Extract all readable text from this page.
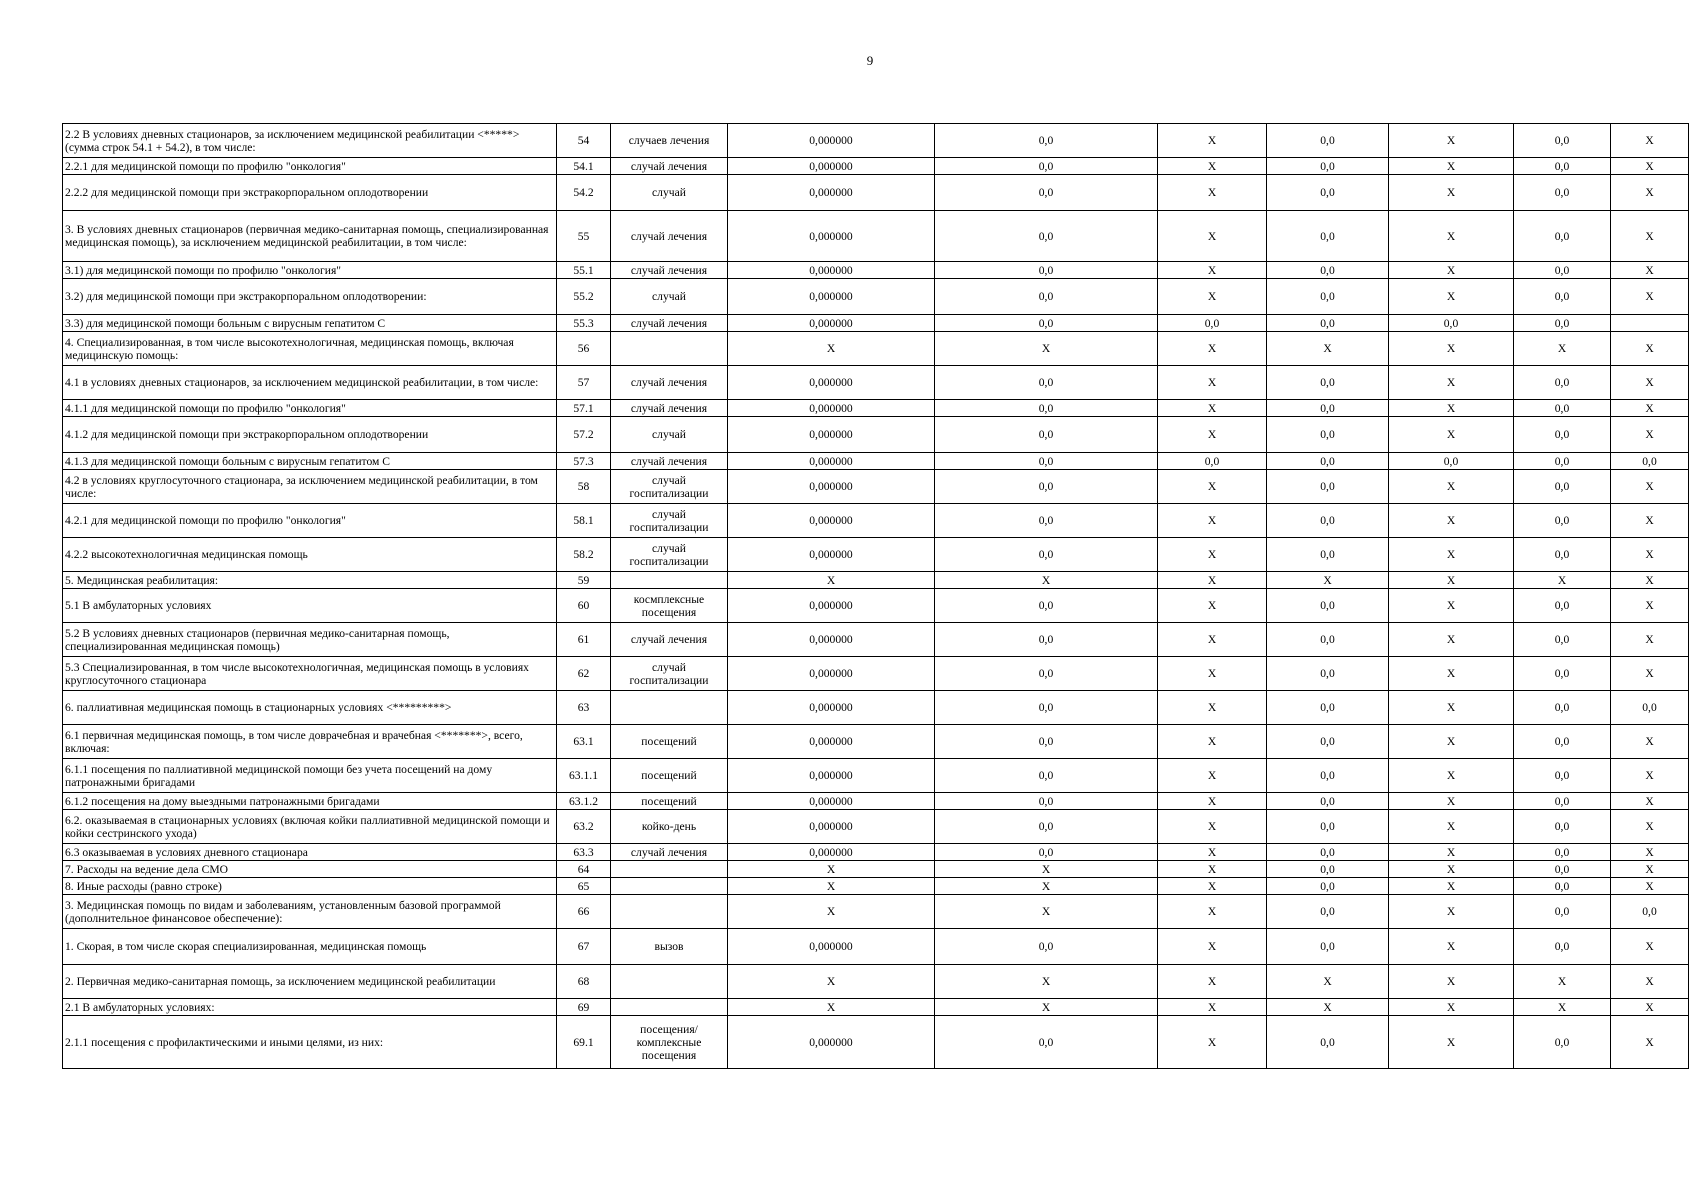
9
2.2 В условиях дневных стационаров, за исключением медицинской реабилитации <*****> (сумма строк 54.1 + 54.2), в том числе:	54	случаев лечения	0,000000	0,0	X	0,0	X	0,0	X
2.2.1 для медицинской помощи по профилю "онкология"	54.1	случай лечения	0,000000	0,0	X	0,0	X	0,0	X
2.2.2 для медицинской помощи при экстракорпоральном оплодотворении	54.2	случай	0,000000	0,0	X	0,0	X	0,0	X
3. В условиях дневных стационаров (первичная медико-санитарная помощь, специализированная медицинская помощь), за исключением медицинской реабилитации, в том числе:	55	случай лечения	0,000000	0,0	X	0,0	X	0,0	X
3.1) для медицинской помощи по профилю "онкология"	55.1	случай лечения	0,000000	0,0	X	0,0	X	0,0	X
3.2) для медицинской помощи при экстракорпоральном оплодотворении:	55.2	случай	0,000000	0,0	X	0,0	X	0,0	X
3.3) для медицинской помощи больным с вирусным гепатитом С	55.3	случай лечения	0,000000	0,0	0,0	0,0	0,0	0,0	
4. Специализированная, в том числе высокотехнологичная, медицинская помощь, включая медицинскую помощь:	56		X	X	X	X	X	X	X
4.1 в условиях дневных стационаров, за исключением медицинской реабилитации, в том числе:	57	случай лечения	0,000000	0,0	X	0,0	X	0,0	X
4.1.1 для медицинской помощи по профилю "онкология"	57.1	случай лечения	0,000000	0,0	X	0,0	X	0,0	X
4.1.2 для медицинской помощи при экстракорпоральном оплодотворении	57.2	случай	0,000000	0,0	X	0,0	X	0,0	X
4.1.3 для медицинской помощи больным с вирусным гепатитом С	57.3	случай лечения	0,000000	0,0	0,0	0,0	0,0	0,0	0,0
4.2 в условиях круглосуточного стационара, за исключением медицинской реабилитации, в том числе:	58	случай госпитализации	0,000000	0,0	X	0,0	X	0,0	X
4.2.1 для медицинской помощи по профилю "онкология"	58.1	случай госпитализации	0,000000	0,0	X	0,0	X	0,0	X
4.2.2 высокотехнологичная медицинская помощь	58.2	случай госпитализации	0,000000	0,0	X	0,0	X	0,0	X
5. Медицинская реабилитация:	59		X	X	X	X	X	X	X
5.1 В амбулаторных условиях	60	космплексные посещения	0,000000	0,0	X	0,0	X	0,0	X
5.2 В условиях дневных стационаров (первичная медико-санитарная помощь, специализированная медицинская помощь)	61	случай лечения	0,000000	0,0	X	0,0	X	0,0	X
5.3 Специализированная, в том числе высокотехнологичная, медицинская помощь в условиях круглосуточного стационара	62	случай госпитализации	0,000000	0,0	X	0,0	X	0,0	X
6. паллиативная медицинская помощь в стационарных условиях <*********>	63		0,000000	0,0	X	0,0	X	0,0	0,0
6.1 первичная медицинская помощь, в том числе доврачебная и врачебная <*******>, всего, включая:	63.1	посещений	0,000000	0,0	X	0,0	X	0,0	X
6.1.1 посещения по паллиативной медицинской помощи без учета посещений на дому патронажными бригадами	63.1.1	посещений	0,000000	0,0	X	0,0	X	0,0	X
6.1.2 посещения на дому выездными патронажными бригадами	63.1.2	посещений	0,000000	0,0	X	0,0	X	0,0	X
6.2. оказываемая в стационарных условиях (включая койки паллиативной медицинской помощи и койки сестринского ухода)	63.2	койко-день	0,000000	0,0	X	0,0	X	0,0	X
6.3 оказываемая в условиях дневного стационара	63.3	случай лечения	0,000000	0,0	X	0,0	X	0,0	X
7. Расходы на ведение дела СМО	64		X	X	X	0,0	X	0,0	X
8. Иные расходы (равно строке)	65		X	X	X	0,0	X	0,0	X
3. Медицинская помощь по видам и заболеваниям, установленным базовой программой (дополнительное финансовое обеспечение):	66		X	X	X	0,0	X	0,0	0,0
1. Скорая, в том числе скорая специализированная, медицинская помощь	67	вызов	0,000000	0,0	X	0,0	X	0,0	X
2. Первичная медико-санитарная помощь, за исключением медицинской реабилитации	68		X	X	X	X	X	X	X
2.1 В амбулаторных условиях:	69		X	X	X	X	X	X	X
2.1.1 посещения с профилактическими и иными целями, из них:	69.1	посещения/комплексные посещения	0,000000	0,0	X	0,0	X	0,0	X
